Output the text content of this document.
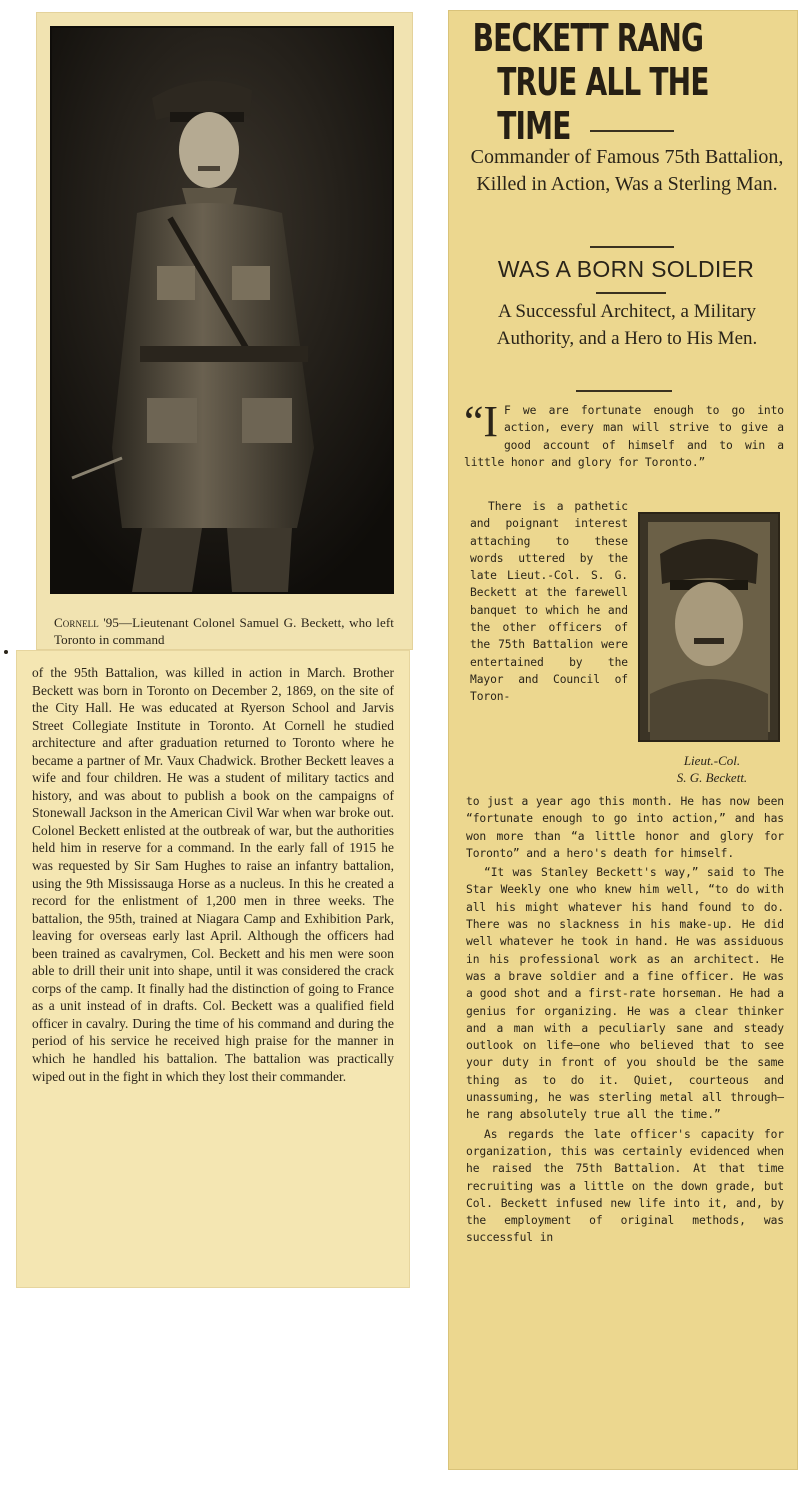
Cornell '95—Lieutenant Colonel Samuel G. Beckett, who left Toronto in command
of the 95th Battalion, was killed in action in March. Brother Beckett was born in Toronto on December 2, 1869, on the site of the City Hall. He was educated at Ryerson School and Jarvis Street Collegiate Institute in Toronto. At Cornell he studied architecture and after graduation returned to Toronto where he became a partner of Mr. Vaux Chadwick. Brother Beckett leaves a wife and four children. He was a student of military tactics and history, and was about to publish a book on the campaigns of Stonewall Jackson in the American Civil War when war broke out. Colonel Beckett enlisted at the outbreak of war, but the authorities held him in reserve for a command. In the early fall of 1915 he was requested by Sir Sam Hughes to raise an infantry battalion, using the 9th Mississauga Horse as a nucleus. In this he created a record for the enlistment of 1,200 men in three weeks. The battalion, the 95th, trained at Niagara Camp and Exhibition Park, leaving for overseas early last April. Although the officers had been trained as cavalrymen, Col. Beckett and his men were soon able to drill their unit into shape, until it was considered the crack corps of the camp. It finally had the distinction of going to France as a unit instead of in drafts. Col. Beckett was a qualified field officer in cavalry. During the time of his command and during the period of his service he received high praise for the manner in which he handled his battalion. The battalion was practically wiped out in the fight in which they lost their commander.
BECKETT RANG
TRUE ALL THE TIME
Commander of Famous 75th Battalion, Killed in Action, Was a Sterling Man.
WAS A BORN SOLDIER
A Successful Architect, a Military Authority, and a Hero to His Men.

“I F we are fortunate enough to go into action, every man will strive to give a good account of himself and to win a little honor and glory for Toronto.”

There is a pathetic and poignant interest attaching to these words uttered by the late Lieut.-Col. S. G. Beckett at the farewell banquet to which he and the other officers of the 75th Battalion were entertained by the Mayor and Council of Toron-

Lieut.-Col.
S. G. Beckett.

to just a year ago this month. He has now been “fortunate enough to go into action,” and has won more than “a little honor and glory for Toronto” and a hero's death for himself.

“It was Stanley Beckett's way,” said to The Star Weekly one who knew him well, “to do with all his might whatever his hand found to do. There was no slackness in his make-up. He did well whatever he took in hand. He was assiduous in his professional work as an architect. He was a brave soldier and a fine officer. He was a good shot and a first-rate horseman. He had a genius for organizing. He was a clear thinker and a man with a peculiarly sane and steady outlook on life—one who believed that to see your duty in front of you should be the same thing as to do it. Quiet, courteous and unassuming, he was sterling metal all through—he rang absolutely true all the time.”

As regards the late officer's capacity for organization, this was certainly evidenced when he raised the 75th Battalion. At that time recruiting was a little on the down grade, but Col. Beckett infused new life into it, and, by the employment of original methods, was successful in
